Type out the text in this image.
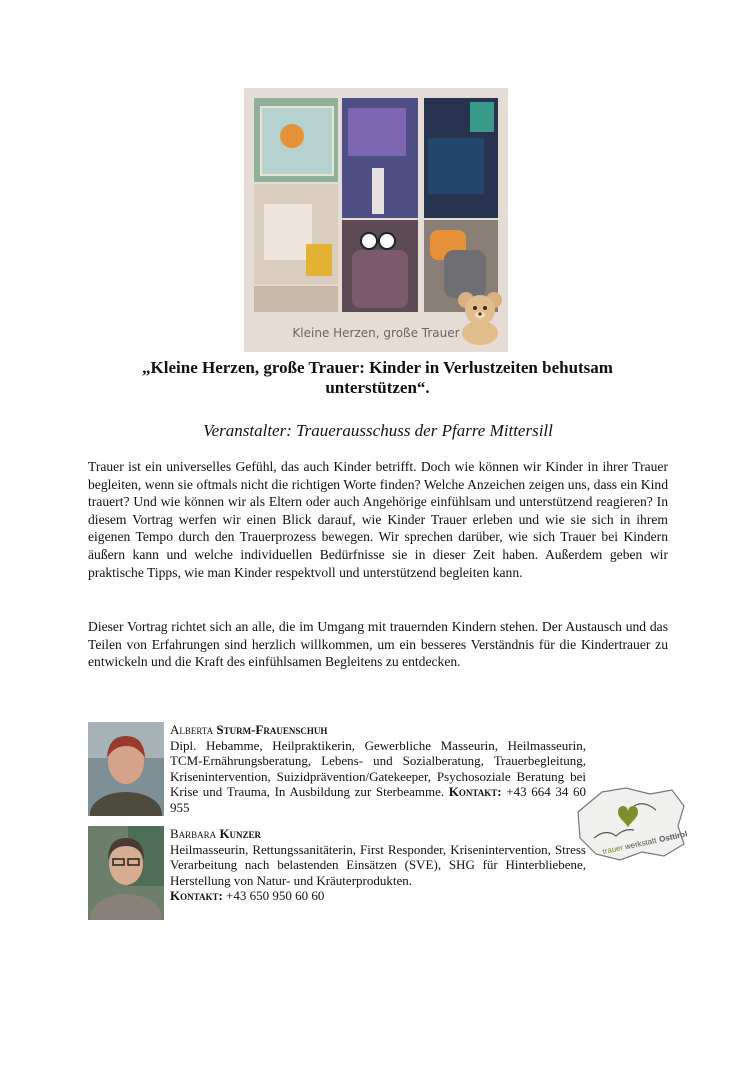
Kleine Herzen, große Trauer
„Kleine Herzen, große Trauer: Kinder in Verlustzeiten behutsam unterstützen“.
Veranstalter: Trauerausschuss der Pfarre Mittersill

Trauer ist ein universelles Gefühl, das auch Kinder betrifft. Doch wie können wir Kinder in ihrer Trauer begleiten, wenn sie oftmals nicht die richtigen Worte finden? Welche Anzeichen zeigen uns, dass ein Kind trauert? Und wie können wir als Eltern oder auch Angehörige einfühlsam und unterstützend reagieren? In diesem Vortrag werfen wir einen Blick darauf, wie Kinder Trauer erleben und wie sie sich in ihrem eigenen Tempo durch den Trauerprozess bewegen. Wir sprechen darüber, wie sich Trauer bei Kindern äußern kann und welche individuellen Bedürfnisse sie in dieser Zeit haben. Außerdem geben wir praktische Tipps, wie man Kinder respektvoll und unterstützend begleiten kann.

Dieser Vortrag richtet sich an alle, die im Umgang mit trauernden Kindern stehen. Der Austausch und das Teilen von Erfahrungen sind herzlich willkommen, um ein besseres Verständnis für die Kindertrauer zu entwickeln und die Kraft des einfühlsamen Begleitens zu entdecken.

Alberta Sturm-Frauenschuh
Dipl. Hebamme, Heilpraktikerin, Gewerbliche Masseurin, Heilmasseurin, TCM-Ernährungsberatung, Lebens- und Sozialberatung, Trauerbegleitung, Krisenintervention, Suizidprävention/Gatekeeper, Psychosoziale Beratung bei Krise und Trauma, In Ausbildung zur Sterbeamme. Kontakt: +43 664 34 60 955
Barbara Kunzer
Heilmasseurin, Rettungssanitäterin, First Responder, Krisenintervention, Stress Verarbeitung nach belastenden Einsätzen (SVE), SHG für Hinterbliebene, Herstellung von Natur- und Kräuterprodukten.
Kontakt: +43 650 950 60 60
trauer werkstatt Osttirol
